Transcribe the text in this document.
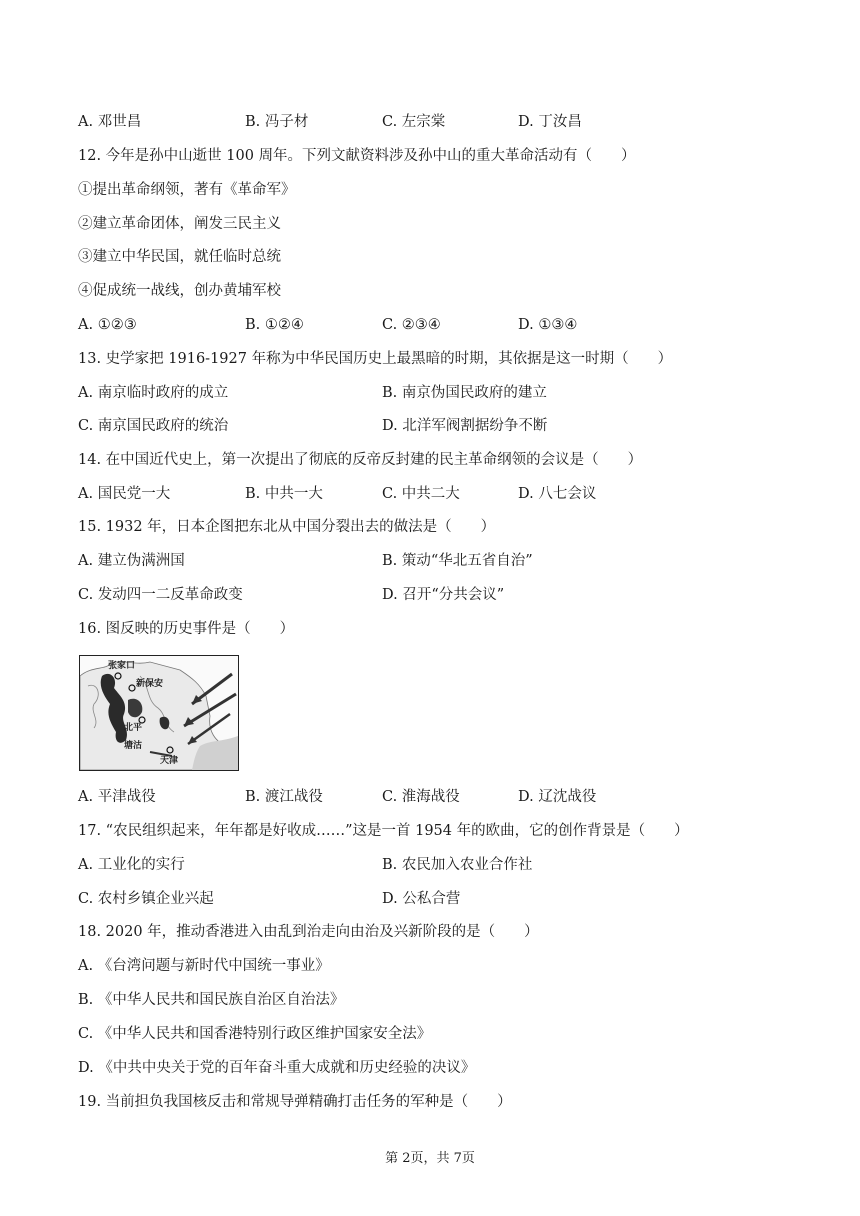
A. 邓世昌	B. 冯子材	C. 左宗棠	D. 丁汝昌
12. 今年是孙中山逝世 100 周年。下列文献资料涉及孙中山的重大革命活动有（　　）
①提出革命纲领，著有《革命军》
②建立革命团体，阐发三民主义
③建立中华民国，就任临时总统
④促成统一战线，创办黄埔军校
A. ①②③	B. ①②④	C. ②③④	D. ①③④
13. 史学家把 1916-1927 年称为中华民国历史上最黑暗的时期，其依据是这一时期（　　）
A. 南京临时政府的成立	B. 南京伪国民政府的建立
C. 南京国民政府的统治	D. 北洋军阀割据纷争不断
14. 在中国近代史上，第一次提出了彻底的反帝反封建的民主革命纲领的会议是（　　）
A. 国民党一大	B. 中共一大	C. 中共二大	D. 八七会议
15. 1932 年，日本企图把东北从中国分裂出去的做法是（　　）
A. 建立伪满洲国	B. 策动“华北五省自治”
C. 发动四一二反革命政变	D. 召开“分共会议”
16. 图反映的历史事件是（　　）
张家口
新保安
北平
天津
塘沽
A. 平津战役	B. 渡江战役	C. 淮海战役	D. 辽沈战役
17. “农民组织起来，年年都是好收成……”这是一首 1954 年的欧曲，它的创作背景是（　　）
A. 工业化的实行	B. 农民加入农业合作社
C. 农村乡镇企业兴起	D. 公私合营
18. 2020 年，推动香港进入由乱到治走向由治及兴新阶段的是（　　）
A. 《台湾问题与新时代中国统一事业》
B. 《中华人民共和国民族自治区自治法》
C. 《中华人民共和国香港特别行政区维护国家安全法》
D. 《中共中央关于党的百年奋斗重大成就和历史经验的决议》
19. 当前担负我国核反击和常规导弹精确打击任务的军种是（　　）
第 2页，共 7页
